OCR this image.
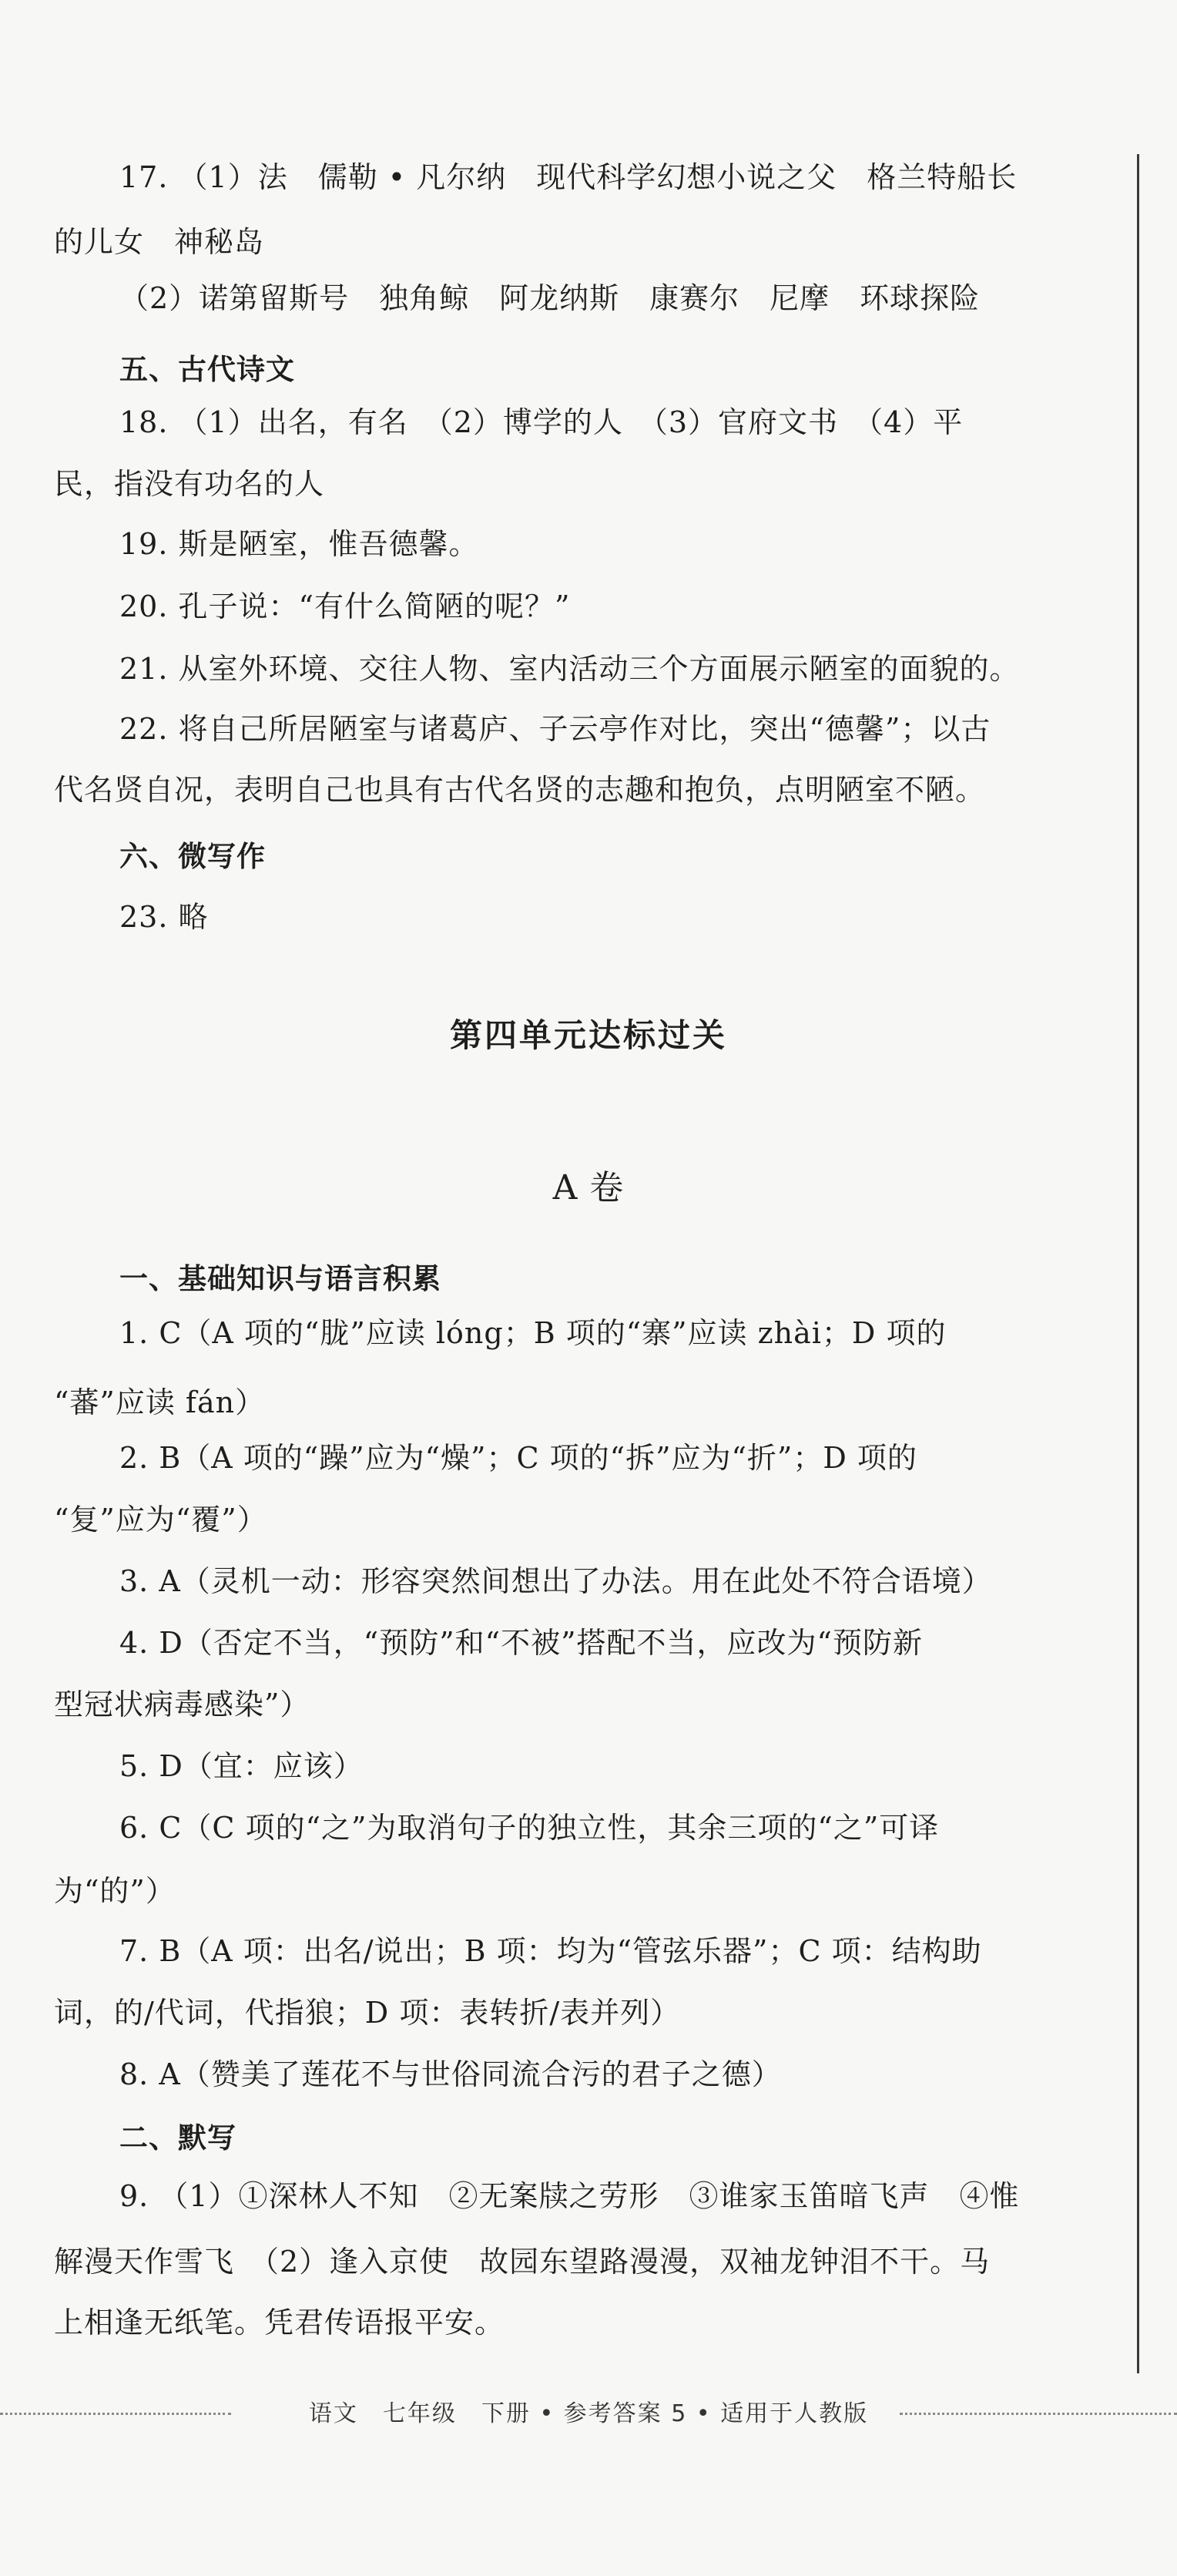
17. （1）法　儒勒 • 凡尔纳　现代科学幻想小说之父　格兰特船长
的儿女　神秘岛
（2）诺第留斯号　独角鲸　阿龙纳斯　康赛尔　尼摩　环球探险
五、古代诗文
18. （1）出名，有名　（2）博学的人　（3）官府文书　（4）平
民，指没有功名的人
19. 斯是陋室，惟吾德馨。
20. 孔子说：“有什么简陋的呢？”
21. 从室外环境、交往人物、室内活动三个方面展示陋室的面貌的。
22. 将自己所居陋室与诸葛庐、子云亭作对比，突出“德馨”；以古
代名贤自况，表明自己也具有古代名贤的志趣和抱负，点明陋室不陋。
六、微写作
23. 略
第四单元达标过关
A 卷
一、基础知识与语言积累
1. C（A 项的“胧”应读 lóng；B 项的“寨”应读 zhài；D 项的
“蕃”应读 fán）
2. B（A 项的“躁”应为“燥”；C 项的“拆”应为“折”；D 项的
“复”应为“覆”）
3. A（灵机一动：形容突然间想出了办法。用在此处不符合语境）
4. D（否定不当，“预防”和“不被”搭配不当，应改为“预防新
型冠状病毒感染”）
5. D（宜：应该）
6. C（C 项的“之”为取消句子的独立性，其余三项的“之”可译
为“的”）
7. B（A 项：出名/说出；B 项：均为“管弦乐器”；C 项：结构助
词，的/代词，代指狼；D 项：表转折/表并列）
8. A（赞美了莲花不与世俗同流合污的君子之德）
二、默写
9. （1）①深林人不知　②无案牍之劳形　③谁家玉笛暗飞声　④惟
解漫天作雪飞　（2）逢入京使　故园东望路漫漫，双袖龙钟泪不干。马
上相逢无纸笔。凭君传语报平安。
语文　七年级　下册 • 参考答案 5 • 适用于人教版
